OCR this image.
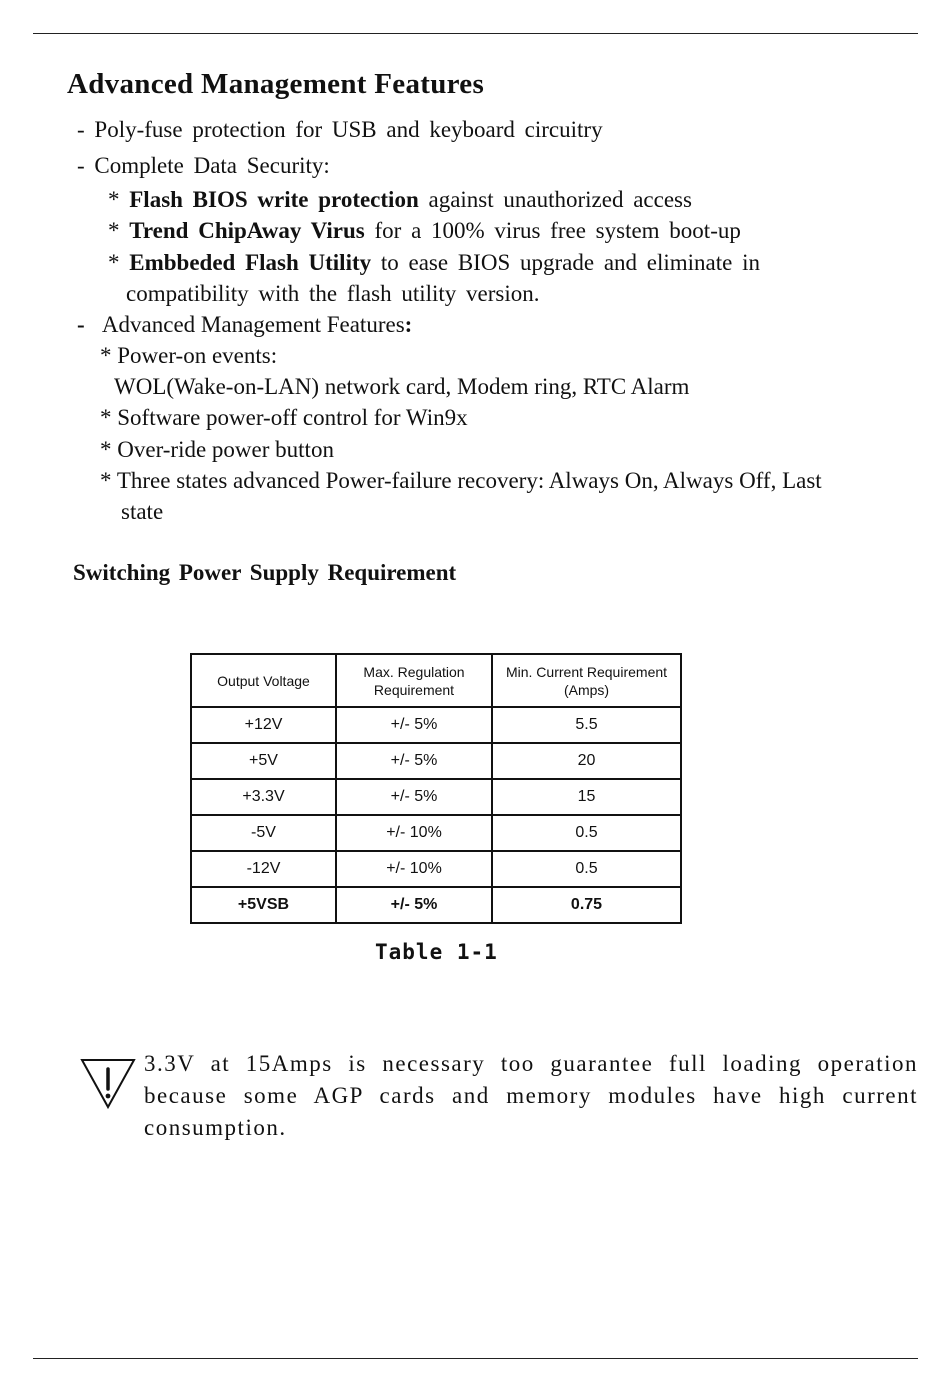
Advanced Management Features
- Poly-fuse protection for USB and keyboard circuitry
- Complete Data Security:
* Flash BIOS write protection against unauthorized access
* Trend ChipAway Virus for a 100% virus free system boot-up
* Embbeded Flash Utility to ease BIOS upgrade and eliminate in
compatibility with the flash utility version.
- Advanced Management Features:
* Power-on events:
WOL(Wake-on-LAN) network card, Modem ring, RTC Alarm
* Software power-off control for Win9x
* Over-ride power button
* Three states advanced Power-failure recovery: Always On, Always Off, Last
state
Switching Power Supply Requirement
Output Voltage	Max. Regulation Requirement	Min. Current Requirement (Amps)
+12V	+/- 5%	5.5
+5V	+/- 5%	20
+3.3V	+/- 5%	15
-5V	+/- 10%	0.5
-12V	+/- 10%	0.5
+5VSB	+/- 5%	0.75
Table 1-1
3.3V at 15Amps is necessary too guarantee full loading operation because some AGP cards and memory modules have high current consumption.
